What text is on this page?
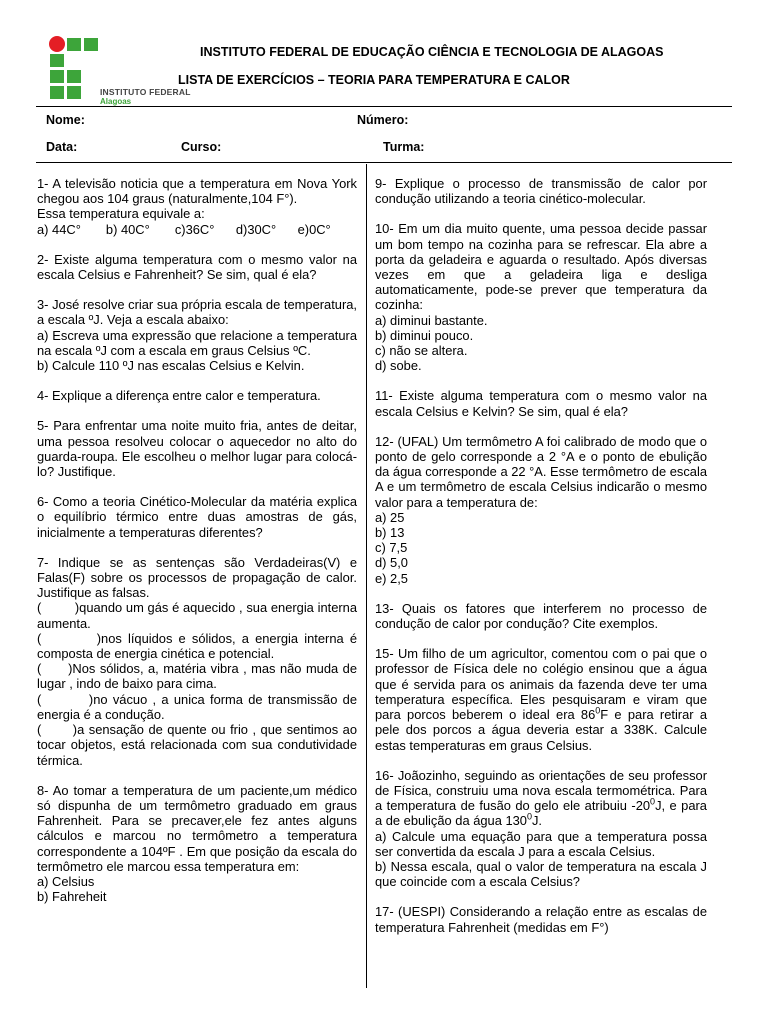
INSTITUTO FEDERAL
Alagoas
INSTITUTO FEDERAL DE EDUCAÇÃO CIÊNCIA E TECNOLOGIA DE ALAGOAS
LISTA DE EXERCÍCIOS – TEORIA PARA TEMPERATURA E CALOR
Nome:	Número:
Data:	Curso:	Turma:

1- A televisão noticia que a temperatura em Nova York chegou aos 104 graus (naturalmente,104 F°).

Essa temperatura equivale a:

a) 44C°       b) 40C°       c)36C°      d)30C°      e)0C°

2- Existe alguma temperatura com o mesmo valor na escala Celsius e Fahrenheit? Se sim, qual é ela?

3- José resolve criar sua própria escala de temperatura, a escala ºJ. Veja a escala abaixo:

a) Escreva uma expressão que relacione a temperatura na escala ºJ com a escala em graus Celsius ºC.

b) Calcule 110 ºJ nas escalas Celsius e Kelvin.

4- Explique a diferença entre calor e temperatura.

5- Para enfrentar uma noite muito fria, antes de deitar, uma pessoa resolveu colocar o aquecedor no alto do guarda-roupa. Ele escolheu o melhor lugar para colocá-lo? Justifique.

6- Como a teoria Cinético-Molecular da matéria explica o equilíbrio térmico entre duas amostras de gás, inicialmente a temperaturas diferentes?

7- Indique se as sentenças são Verdadeiras(V) e Falas(F) sobre os processos de propagação de calor. Justifique as falsas.

(         )quando um gás é aquecido , sua energia interna aumenta.

(         )nos líquidos e sólidos, a energia interna é composta de energia cinética e potencial.

(      )Nos sólidos, a, matéria vibra , mas não muda de lugar , indo de baixo para cima.

(         )no vácuo , a unica forma de transmissão de energia é a condução.

(       )a sensação de quente ou frio , que sentimos ao tocar objetos, está relacionada com sua condutividade térmica.

8- Ao tomar a temperatura de um paciente,um médico só dispunha de um termômetro graduado em graus Fahrenheit. Para se precaver,ele fez antes alguns cálculos e marcou no termômetro a temperatura correspondente a 104ºF . Em que posição da escala do termômetro ele marcou essa temperatura em:

a) Celsius

b) Fahreheit

9- Explique o processo de transmissão de calor por condução utilizando a teoria cinético-molecular.

10- Em um dia muito quente, uma pessoa decide passar um bom tempo na cozinha para se refrescar. Ela abre a porta da geladeira e aguarda o resultado. Após diversas vezes em que a geladeira liga e desliga automaticamente, pode-se prever que temperatura da cozinha:

a) diminui bastante.

b) diminui pouco.

c) não se altera.

d) sobe.

11- Existe alguma temperatura com o mesmo valor na escala Celsius e Kelvin? Se sim, qual é ela?

12- (UFAL) Um termômetro A foi calibrado de modo que o ponto de gelo corresponde a 2 °A e o ponto de ebulição da água corresponde a 22 °A. Esse termômetro de escala A e um termômetro de escala Celsius indicarão o mesmo valor para a temperatura de:

a) 25

b) 13

c) 7,5

d) 5,0

e) 2,5

13- Quais os fatores que interferem no processo de condução de calor por condução? Cite exemplos.

15- Um filho de um agricultor, comentou com o pai que o professor de Física dele no colégio ensinou que a água que é servida para os animais da fazenda deve ter uma temperatura específica. Eles pesquisaram e viram que para porcos beberem o ideal era $86^0F$ e para retirar a pele dos porcos a água deveria estar a 338K. Calcule estas temperaturas em graus Celsius.

16- Joãozinho, seguindo as orientações de seu professor de Física, construiu uma nova escala termométrica. Para a temperatura de fusão do gelo ele atribuiu $-20^0J$, e para a de ebulição da água $130^0J$.

a) Calcule uma equação para que a temperatura possa ser convertida da escala J para a escala Celsius.

b) Nessa escala, qual o valor de temperatura na escala J que coincide com a escala Celsius?

17- (UESPI) Considerando a relação entre as escalas de temperatura Fahrenheit (medidas em F°)
